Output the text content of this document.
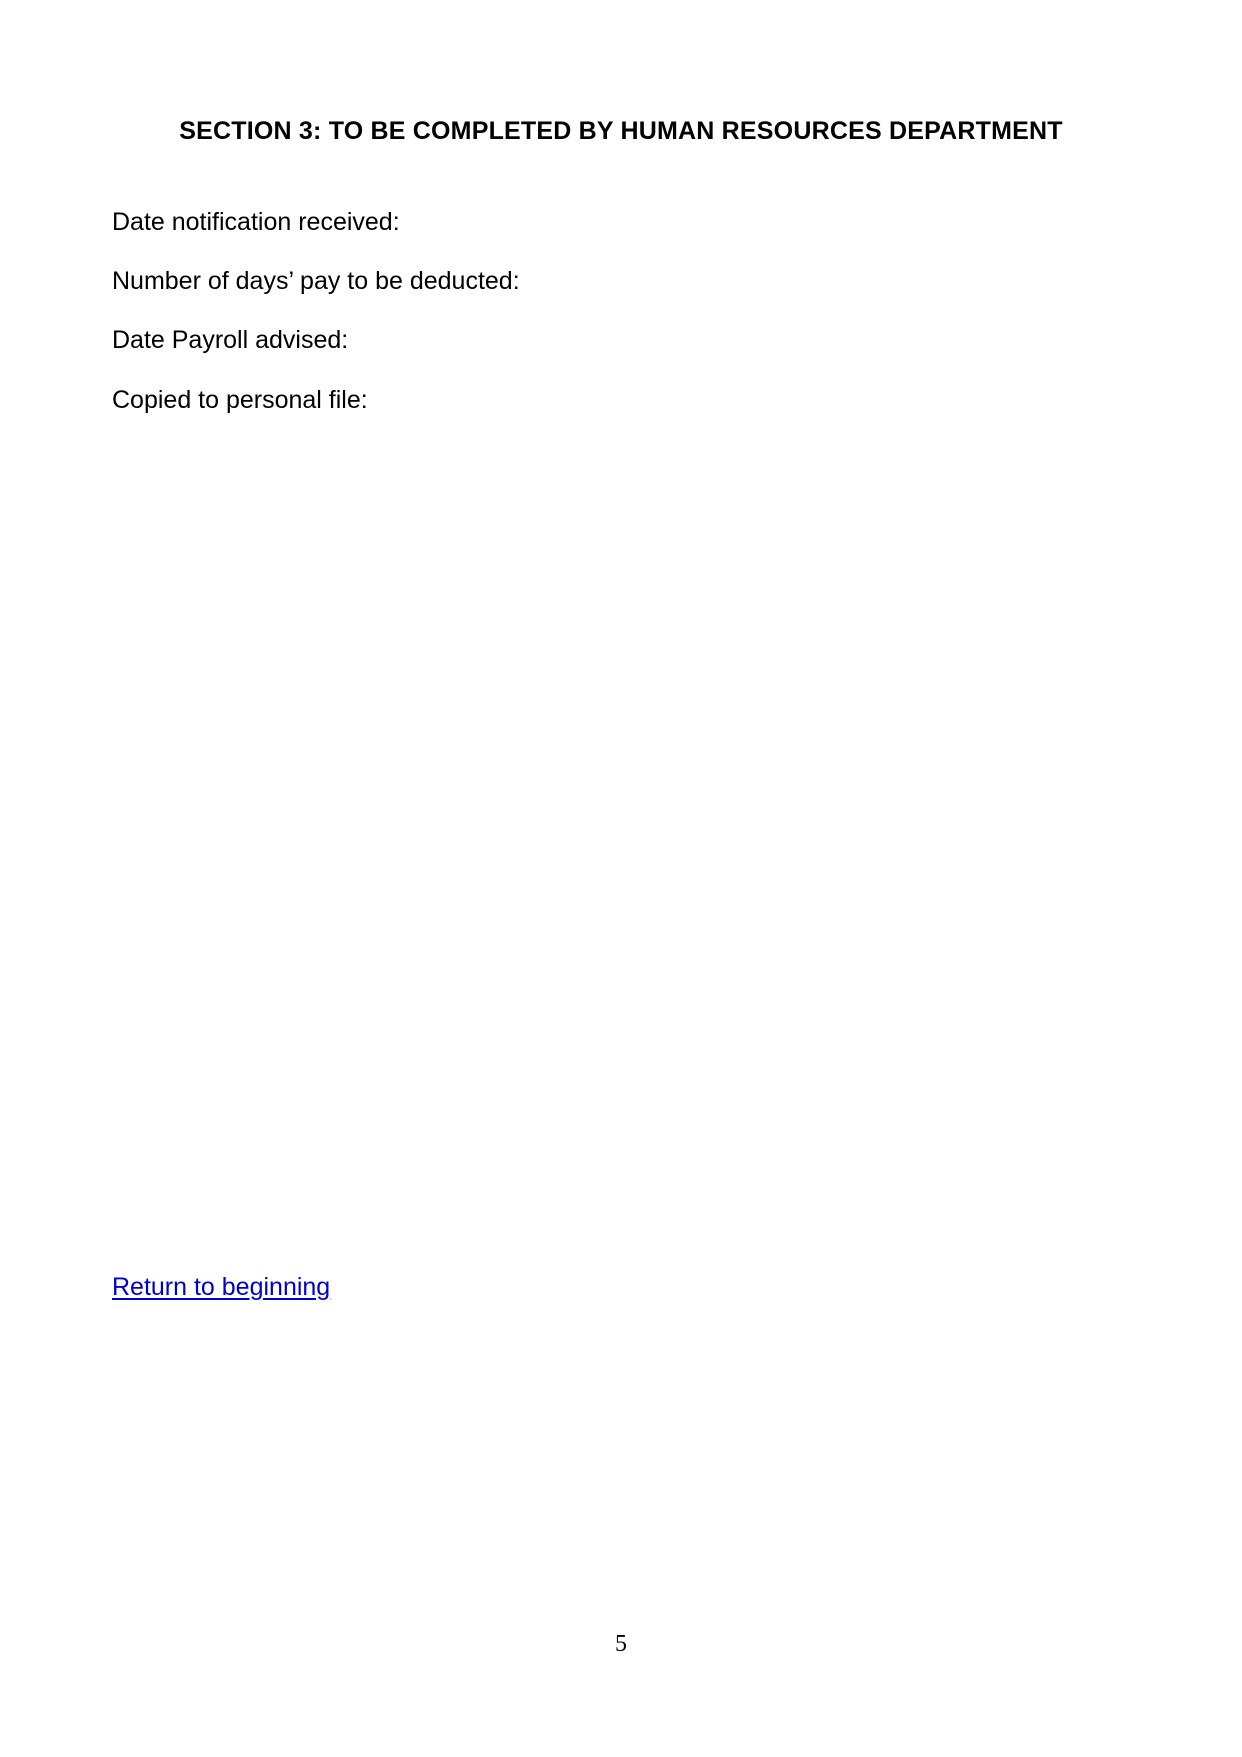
SECTION 3: TO BE COMPLETED BY HUMAN RESOURCES DEPARTMENT

Date notification received:

Number of days’ pay to be deducted:

Date Payroll advised:

Copied to personal file:

Return to beginning
5
